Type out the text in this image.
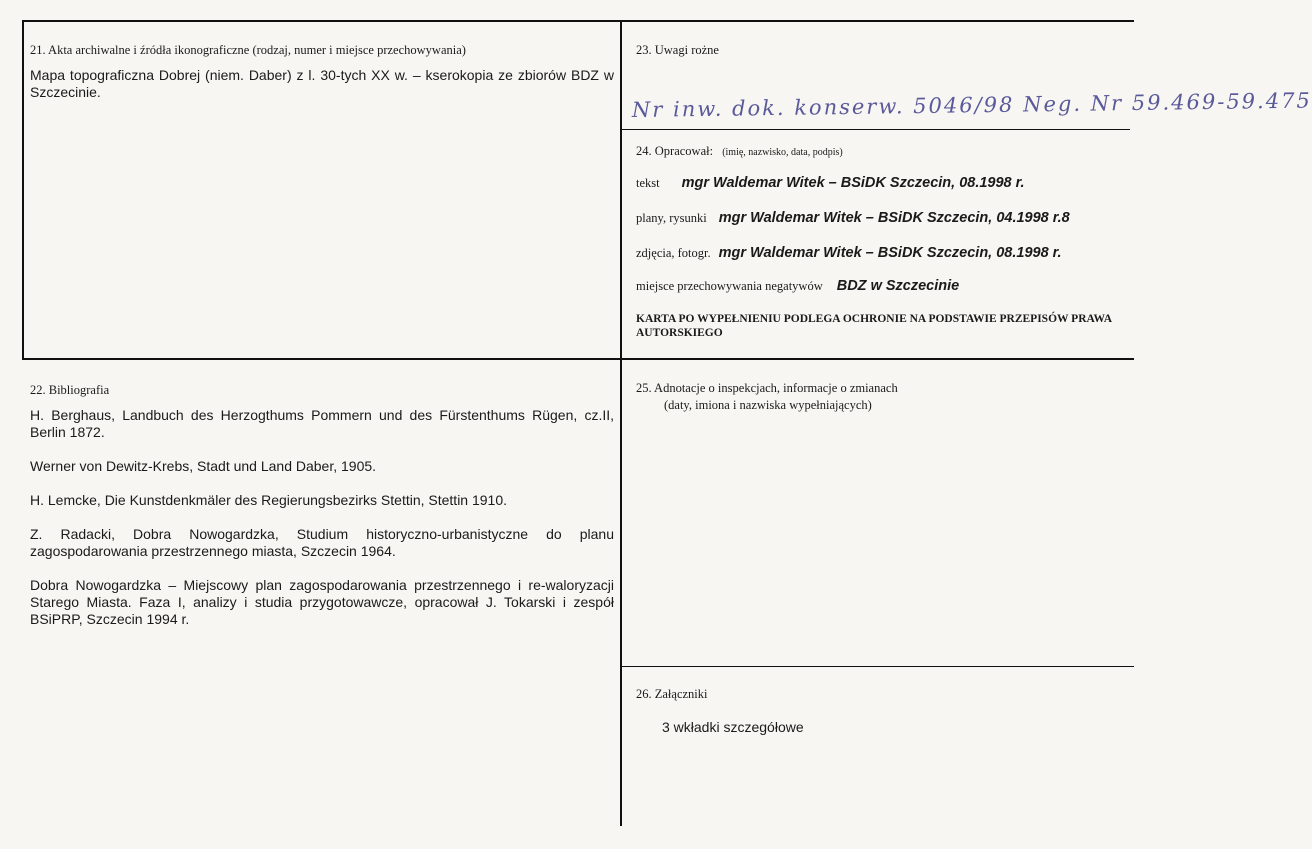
21. Akta archiwalne i źródła ikonograficzne (rodzaj, numer i miejsce przechowywania)
Mapa topograficzna Dobrej (niem. Daber) z l. 30-tych XX w. – kserokopia ze zbiorów BDZ w Szczecinie.
22. Bibliografia

H. Berghaus, Landbuch des Herzogthums Pommern und des Fürstenthums Rügen, cz.II, Berlin 1872.

Werner von Dewitz-Krebs, Stadt und Land Daber, 1905.

H. Lemcke, Die Kunstdenkmäler des Regierungsbezirks Stettin, Stettin 1910.

Z. Radacki, Dobra Nowogardzka, Studium historyczno-urbanistyczne do planu zagospodarowania przestrzennego miasta, Szczecin 1964.

Dobra Nowogardzka – Miejscowy plan zagospodarowania przestrzennego i re-waloryzacji Starego Miasta. Faza I, analizy i studia przygotowawcze, opracował J. Tokarski i zespół BSiPRP, Szczecin 1994 r.

23. Uwagi rożne
Nr inw. dok. konserw. 5046/98 Neg. Nr 59.469-59.475
24. Opracował: (imię, nazwisko, data, podpis)
tekst mgr Waldemar Witek – BSiDK Szczecin, 08.1998 r.
plany, rysunki mgr Waldemar Witek – BSiDK Szczecin, 04.1998 r.8
zdjęcia, fotogr. mgr Waldemar Witek – BSiDK Szczecin, 08.1998 r.
miejsce przechowywania negatywów BDZ w Szczecinie
KARTA PO WYPEŁNIENIU PODLEGA OCHRONIE NA PODSTAWIE PRZEPISÓW PRAWA AUTORSKIEGO
25. Adnotacje o inspekcjach, informacje o zmianach
(daty, imiona i nazwiska wypełniających)
26. Załączniki
3 wkładki szczegółowe
